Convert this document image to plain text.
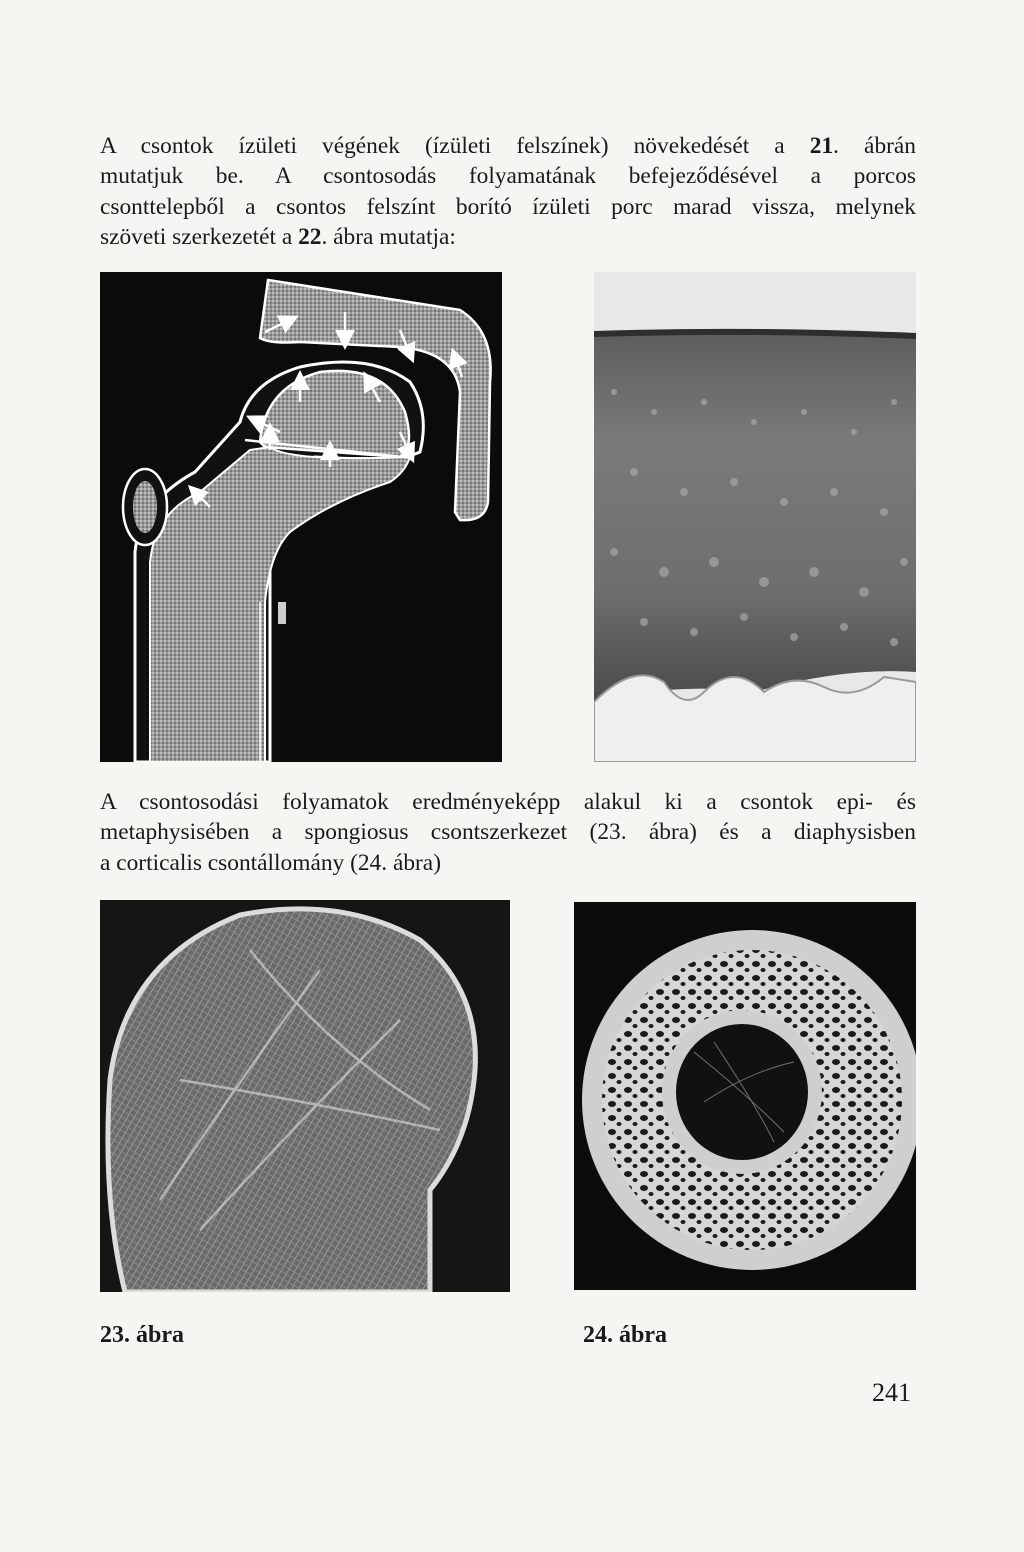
A csontok ízületi végének (ízületi felszínek) növekedését a 21. ábrán
mutatjuk be. A csontosodás folyamatának befejeződésével a porcos
csonttelepből a csontos felszínt borító ízületi porc marad vissza, melynek
szöveti szerkezetét a 22. ábra mutatja:

A csontosodási folyamatok eredményeképp alakul ki a csontok epi- és
metaphysisében a spongiosus csontszerkezet (23. ábra) és a diaphysisben
a corticalis csontállomány (24. ábra)

23. ábra	24. ábra
241
